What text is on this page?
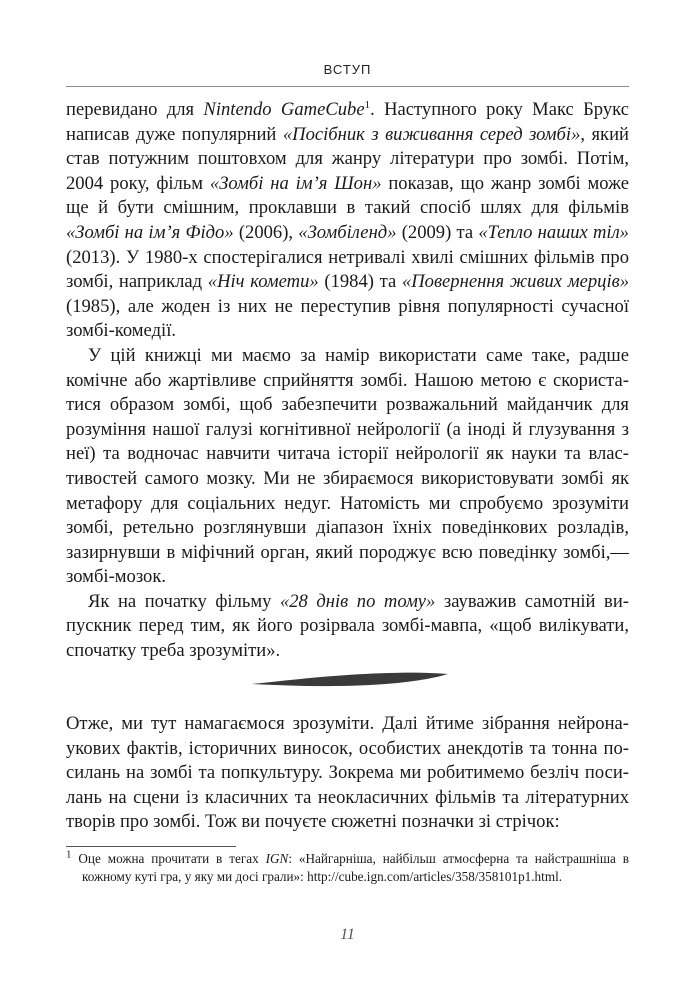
ВСТУП

перевидано для Nintendo GameCube$^1$. Наступного року Макс Брукс написав дуже популярний «Посібник з виживання серед зомбі», який став потужним поштовхом для жанру літератури про зомбі. Потім, 2004 року, фільм «Зомбі на ім’я Шон» показав, що жанр зомбі може ще й бути смішним, проклавши в такий спосіб шлях для фільмів «Зомбі на ім’я Фідо» (2006), «Зомбіленд» (2009) та «Тепло наших тіл» (2013). У 1980-х спостерігалися нетривалі хвилі смішних фільмів про зомбі, наприклад «Ніч комети» (1984) та «Повернення живих мерців» (1985), але жоден із них не переступив рівня популярності сучасної зомбі-комедії.

У цій книжці ми маємо за намір використати саме таке, радше комічне або жартівливе сприйняття зомбі. Нашою метою є скористатися образом зомбі, щоб забезпечити розважальний майданчик для розуміння нашої галузі когнітивної нейрології (а іноді й глузування з неї) та водночас навчити читача історії нейрології як науки та властивостей самого мозку. Ми не збираємося використовувати зомбі як метафору для соціальних недуг. Натомість ми спробуємо зрозуміти зомбі, ретельно розглянувши діапазон їхніх поведінкових розладів, зазирнувши в міфічний орган, який породжує всю поведінку зомбі,— зомбі-мозок.

Як на початку фільму «28 днів по тому» зауважив самотній випускник перед тим, як його розірвала зомбі-мавпа, «щоб вилікувати, спочатку треба зрозуміти».

Отже, ми тут намагаємося зрозуміти. Далі йтиме зібрання нейронаукових фактів, історичних виносок, особистих анекдотів та тонна посилань на зомбі та попкультуру. Зокрема ми робитимемо безліч посилань на сцени із класичних та неокласичних фільмів та літературних творів про зомбі. Тож ви почуєте сюжетні позначки зі стрічок:

$^1$ Оце можна прочитати в тегах IGN: «Найгарніша, найбільш атмосферна та найстрашніша в кожному куті гра, у яку ми досі грали»: http://cube.ign.com/articles/358/358101p1.html.

11
